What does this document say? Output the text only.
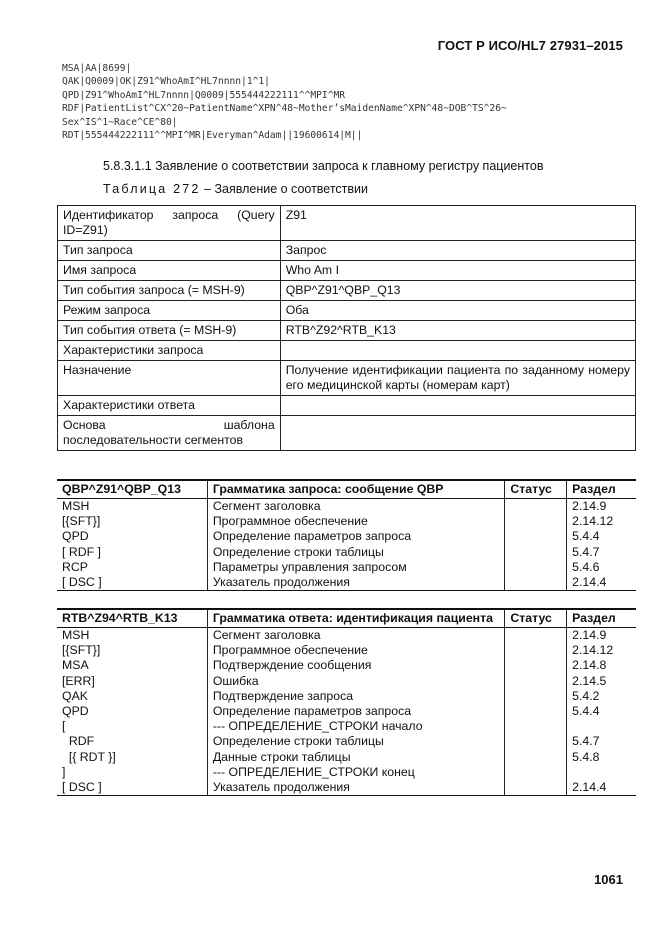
ГОСТ Р ИСО/HL7 27931–2015
MSA|AA|8699|
QAK|Q0009|OK|Z91^WhoAmI^HL7nnnn|1^1|
QPD|Z91^WhoAmI^HL7nnnn|Q0009|555444222111^^MPI^MR
RDF|PatientList^CX^20~PatientName^XPN^48~Mother’sMaidenName^XPN^48~DOB^TS^26~
Sex^IS^1~Race^CE^80|
RDT|555444222111^^MPI^MR|Everyman^Adam||19600614|M||
5.8.3.1.1 Заявление о соответствии запроса к главному регистру пациентов
Таблица 272 – Заявление о соответствии
Идентификатор запроса (Query ID=Z91)	Z91
Тип запроса	Запрос
Имя запроса	Who Am I
Тип события запроса (= MSH-9)	QBP^Z91^QBP_Q13
Режим запроса	Оба
Тип события ответа (= MSH-9)	RTB^Z92^RTB_K13
Характеристики запроса	
Назначение	Получение идентификации пациента по заданному номеру его медицинской карты (номерам карт)
Характеристики ответа	
Основа шаблона последовательности сегментов	
QBP^Z91^QBP_Q13	Грамматика запроса: сообщение QBP	Статус	Раздел
MSH	Сегмент заголовка		2.14.9
[{SFT}]	Программное обеспечение		2.14.12
QPD	Определение параметров запроса		5.4.4
[ RDF ]	Определение строки таблицы		5.4.7
RCP	Параметры управления запросом		5.4.6
[ DSC ]	Указатель продолжения		2.14.4
RTB^Z94^RTB_K13	Грамматика ответа: идентификация пациента	Статус	Раздел
MSH	Сегмент заголовка		2.14.9
[{SFT}]	Программное обеспечение		2.14.12
MSA	Подтверждение сообщения		2.14.8
[ERR]	Ошибка		2.14.5
QAK	Подтверждение запроса		5.4.2
QPD	Определение параметров запроса		5.4.4
[	--- ОПРЕДЕЛЕНИЕ_СТРОКИ начало		
RDF	Определение строки таблицы		5.4.7
[{ RDT }]	Данные строки таблицы		5.4.8
]	--- ОПРЕДЕЛЕНИЕ_СТРОКИ конец		
[ DSC ]	Указатель продолжения		2.14.4
1061
